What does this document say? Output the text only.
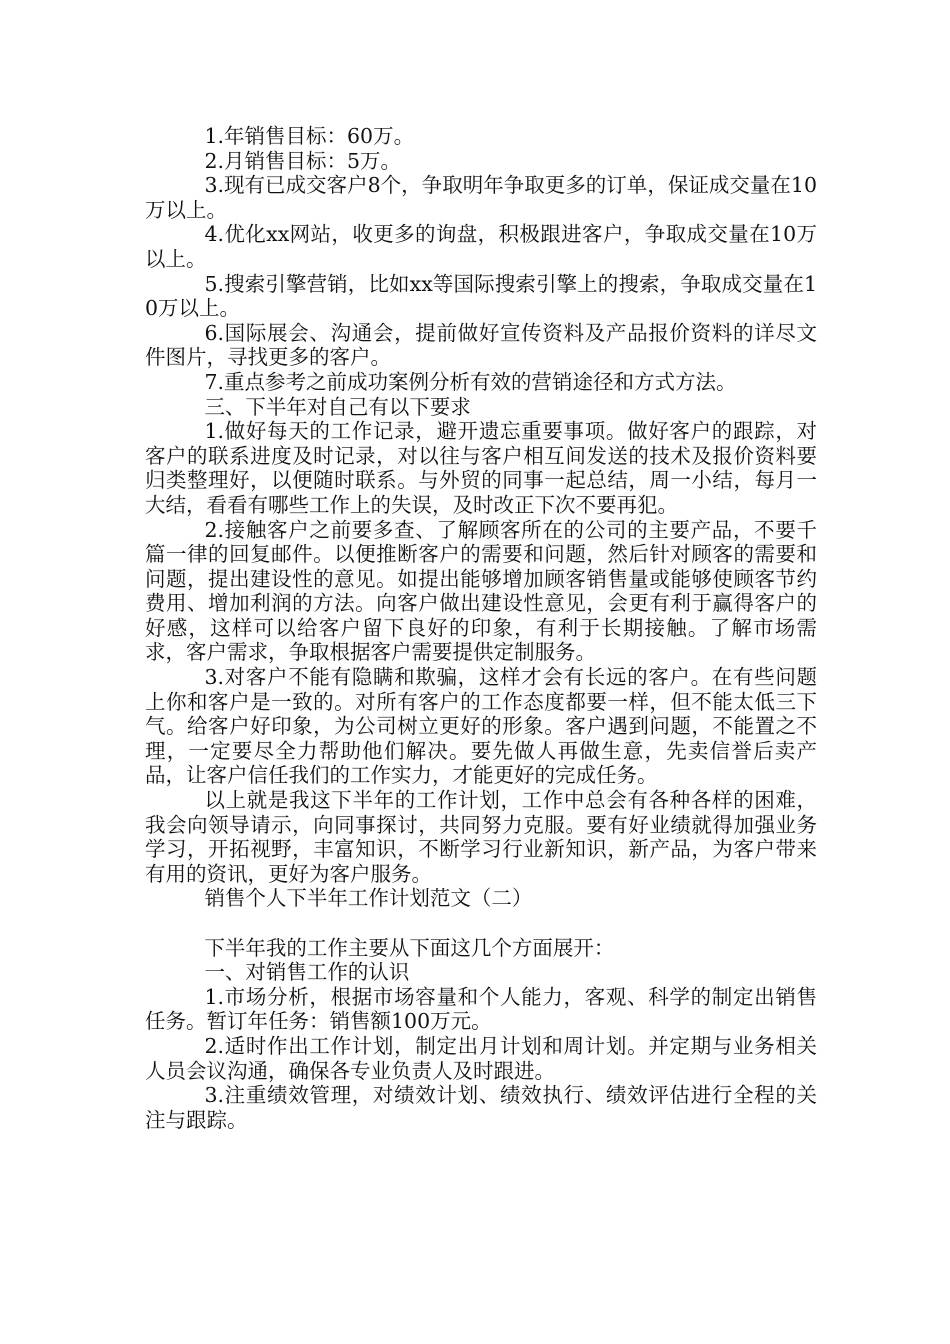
1.年销售目标：60万。

2.月销售目标：5万。

3.现有已成交客户8个，争取明年争取更多的订单，保证成交量在10万以上。

4.优化xx网站，收更多的询盘，积极跟进客户，争取成交量在10万以上。

5.搜索引擎营销，比如xx等国际搜索引擎上的搜索，争取成交量在10万以上。

6.国际展会、沟通会，提前做好宣传资料及产品报价资料的详尽文件图片，寻找更多的客户。

7.重点参考之前成功案例分析有效的营销途径和方式方法。

三、下半年对自己有以下要求

1.做好每天的工作记录，避开遗忘重要事项。做好客户的跟踪，对客户的联系进度及时记录，对以往与客户相互间发送的技术及报价资料要归类整理好，以便随时联系。与外贸的同事一起总结，周一小结，每月一大结，看看有哪些工作上的失误，及时改正下次不要再犯。

2.接触客户之前要多查、了解顾客所在的公司的主要产品，不要千篇一律的回复邮件。以便推断客户的需要和问题，然后针对顾客的需要和问题，提出建设性的意见。如提出能够增加顾客销售量或能够使顾客节约费用、增加利润的方法。向客户做出建设性意见，会更有利于赢得客户的好感，这样可以给客户留下良好的印象，有利于长期接触。了解市场需求，客户需求，争取根据客户需要提供定制服务。

3.对客户不能有隐瞒和欺骗，这样才会有长远的客户。在有些问题上你和客户是一致的。对所有客户的工作态度都要一样，但不能太低三下气。给客户好印象，为公司树立更好的形象。客户遇到问题，不能置之不理，一定要尽全力帮助他们解决。要先做人再做生意，先卖信誉后卖产品，让客户信任我们的工作实力，才能更好的完成任务。

以上就是我这下半年的工作计划，工作中总会有各种各样的困难，我会向领导请示，向同事探讨，共同努力克服。要有好业绩就得加强业务学习，开拓视野，丰富知识，不断学习行业新知识，新产品，为客户带来有用的资讯，更好为客户服务。

销售个人下半年工作计划范文（二）

下半年我的工作主要从下面这几个方面展开：

一、对销售工作的认识

1.市场分析，根据市场容量和个人能力，客观、科学的制定出销售任务。暂订年任务：销售额100万元。

2.适时作出工作计划，制定出月计划和周计划。并定期与业务相关人员会议沟通，确保各专业负责人及时跟进。

3.注重绩效管理，对绩效计划、绩效执行、绩效评估进行全程的关注与跟踪。
